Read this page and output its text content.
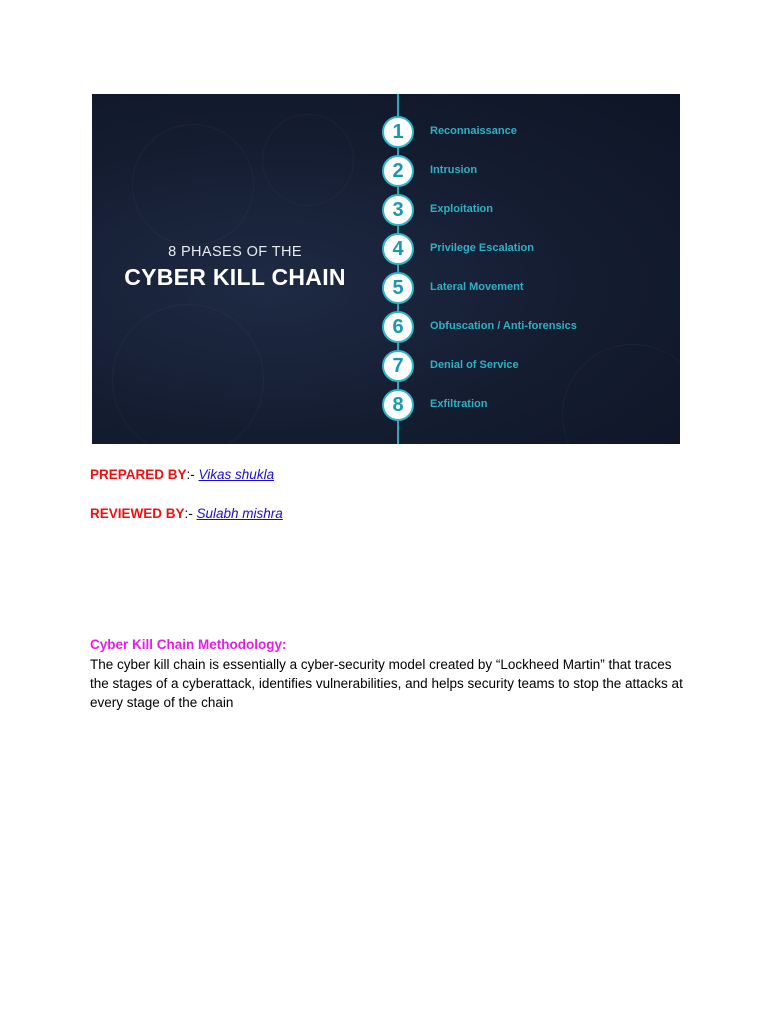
8 PHASES OF THE
CYBER KILL CHAIN
1	Reconnaissance
2	Intrusion
3	Exploitation
4	Privilege Escalation
5	Lateral Movement
6	Obfuscation / Anti-forensics
7	Denial of Service
8	Exfiltration
PREPARED BY:- Vikas shukla
REVIEWED BY:- Sulabh mishra
Cyber Kill Chain Methodology:
The cyber kill chain is essentially a cyber-security model created by “Lockheed Martin” that traces the stages of a cyberattack, identifies vulnerabilities, and helps security teams to stop the attacks at every stage of the chain
